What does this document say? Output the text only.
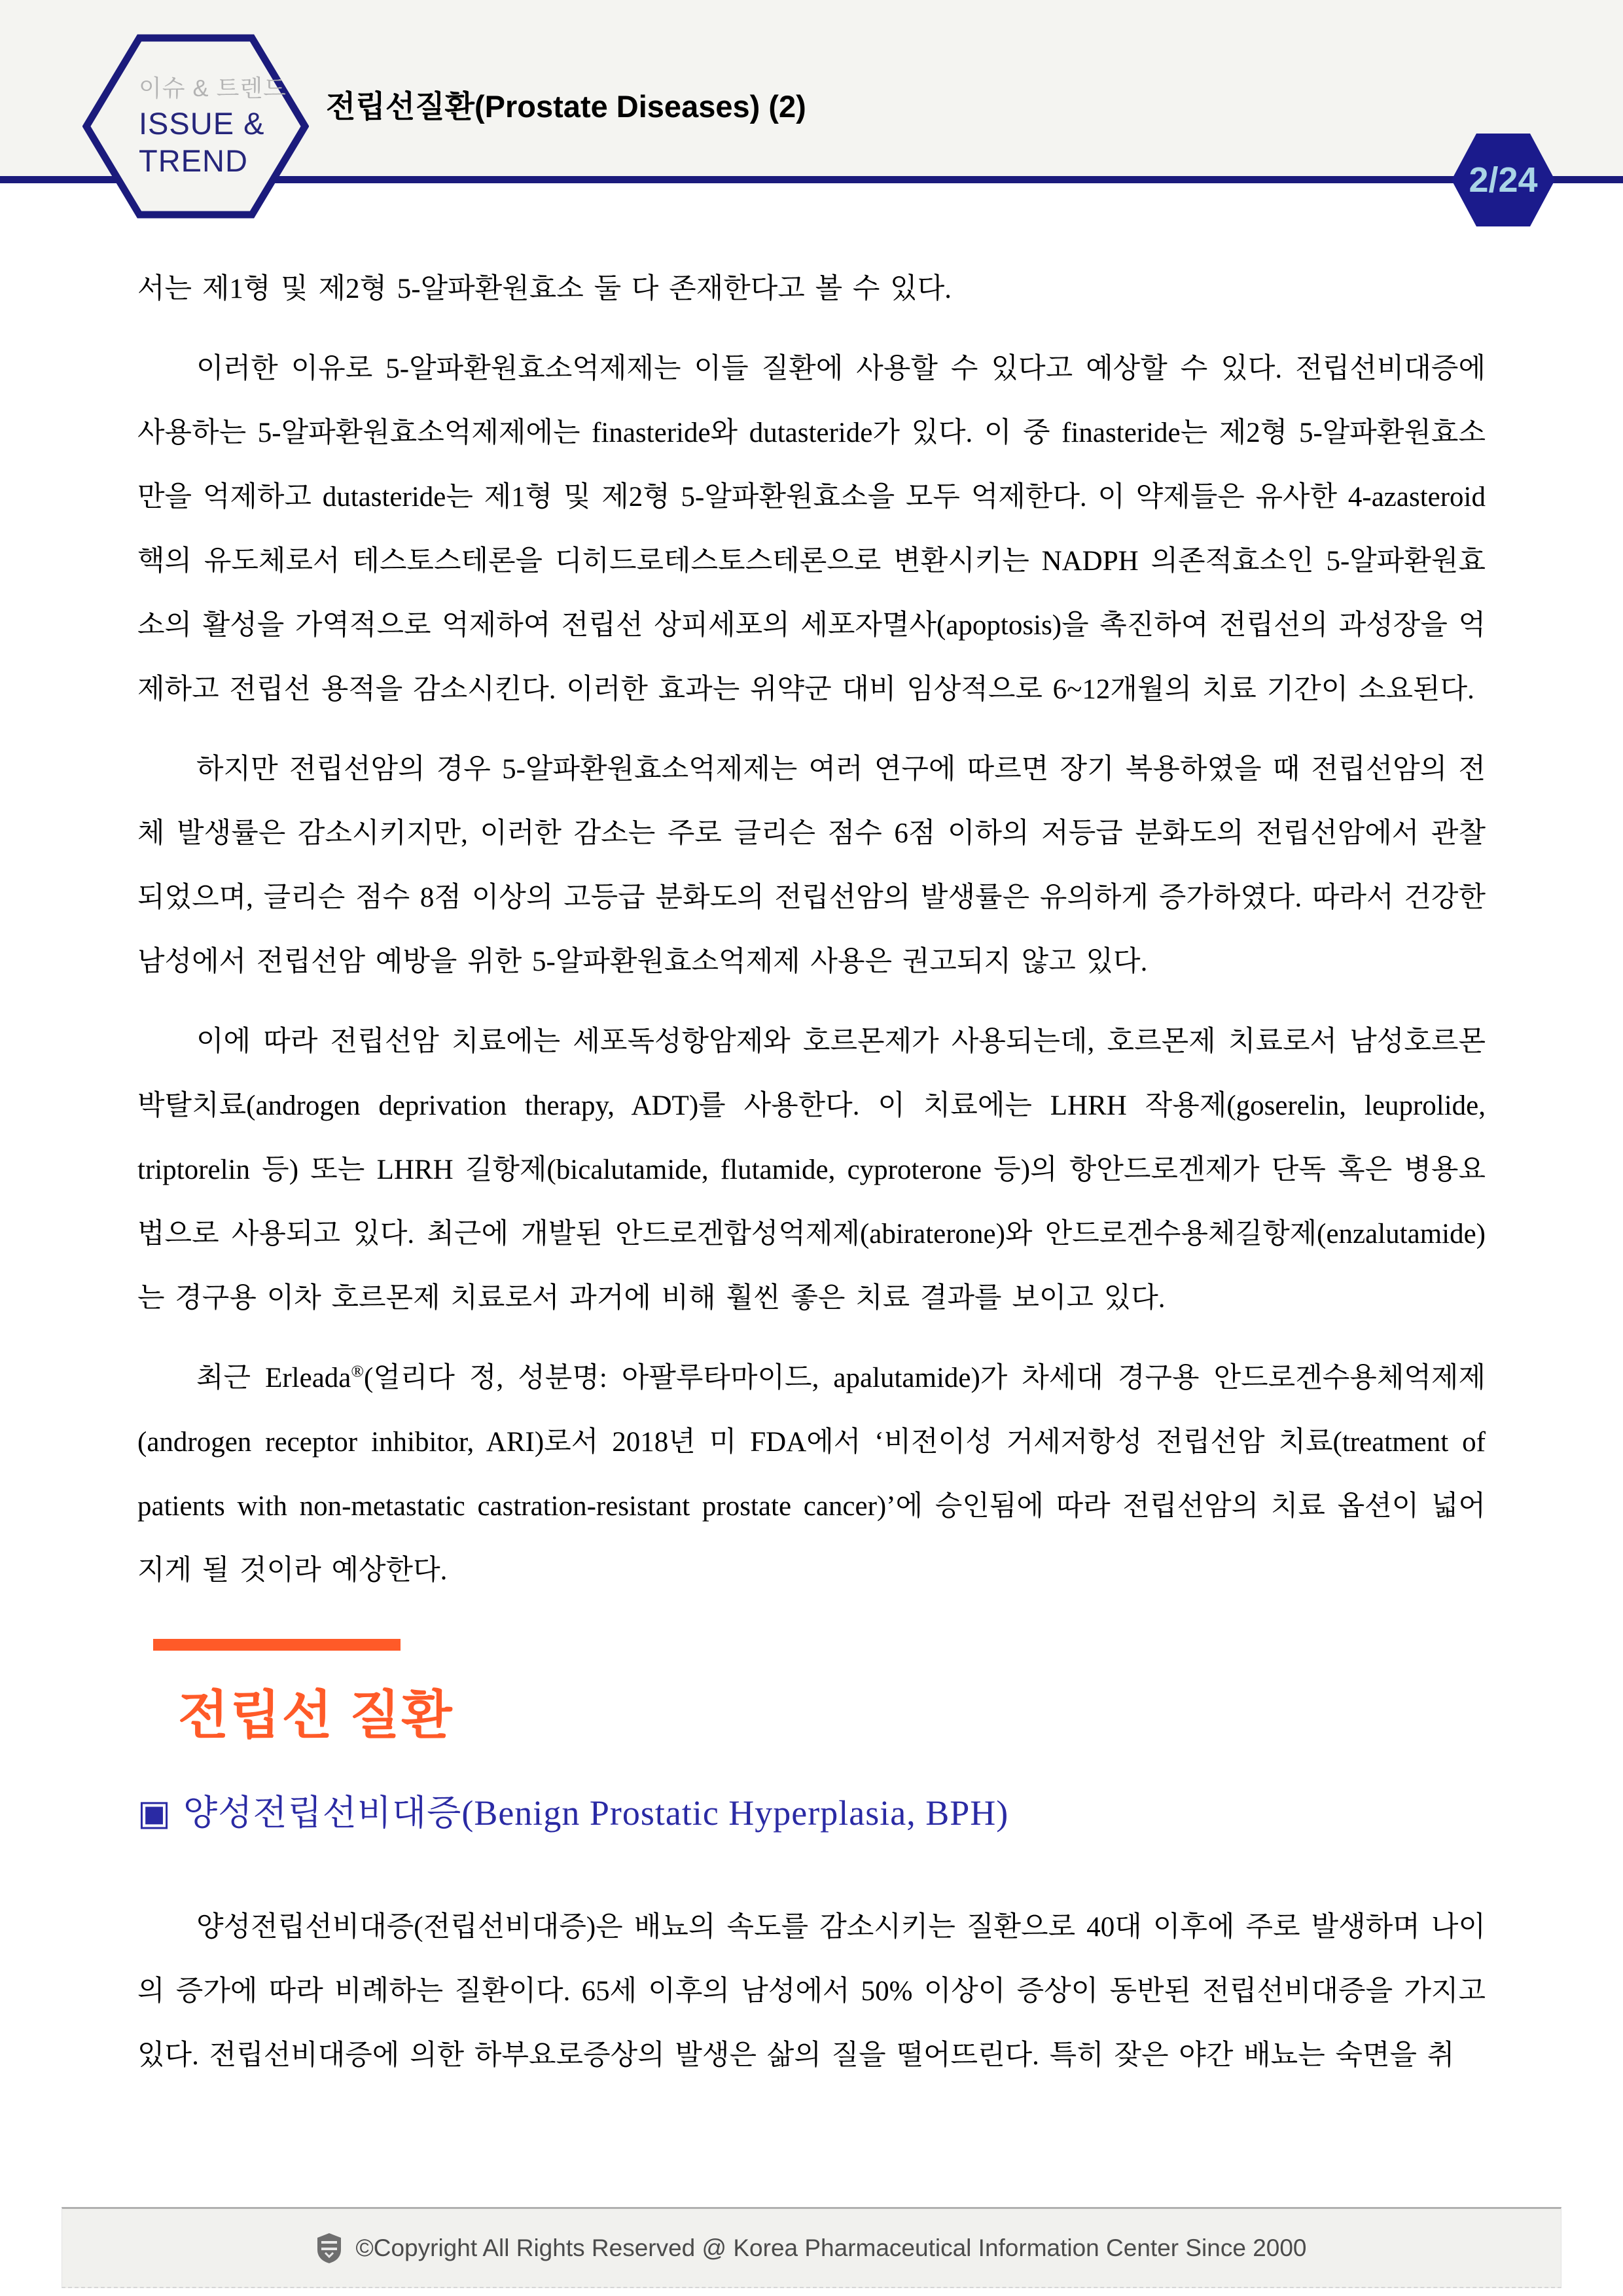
이슈 & 트렌드
ISSUE &
TREND
전립선질환(Prostate Diseases) (2)
2/24

서는 제1형 및 제2형 5-알파환원효소 둘 다 존재한다고 볼 수 있다.

이러한 이유로 5-알파환원효소억제제는 이들 질환에 사용할 수 있다고 예상할 수 있다. 전립선비대증에 사용하는 5-알파환원효소억제제에는 finasteride와 dutasteride가 있다. 이 중 finasteride는 제2형 5-알파환원효소만을 억제하고 dutasteride는 제1형 및 제2형 5-알파환원효소을 모두 억제한다. 이 약제들은 유사한 4-azasteroid 핵의 유도체로서 테스토스테론을 디히드로테스토스테론으로 변환시키는 NADPH 의존적효소인 5-알파환원효소의 활성을 가역적으로 억제하여 전립선 상피세포의 세포자멸사(apoptosis)을 촉진하여 전립선의 과성장을 억제하고 전립선 용적을 감소시킨다. 이러한 효과는 위약군 대비 임상적으로 6~12개월의 치료 기간이 소요된다.

하지만 전립선암의 경우 5-알파환원효소억제제는 여러 연구에 따르면 장기 복용하였을 때 전립선암의 전체 발생률은 감소시키지만, 이러한 감소는 주로 글리슨 점수 6점 이하의 저등급 분화도의 전립선암에서 관찰되었으며, 글리슨 점수 8점 이상의 고등급 분화도의 전립선암의 발생률은 유의하게 증가하였다. 따라서 건강한 남성에서 전립선암 예방을 위한 5-알파환원효소억제제 사용은 권고되지 않고 있다.

이에 따라 전립선암 치료에는 세포독성항암제와 호르몬제가 사용되는데, 호르몬제 치료로서 남성호르몬박탈치료(androgen deprivation therapy, ADT)를 사용한다. 이 치료에는 LHRH 작용제(goserelin, leuprolide, triptorelin 등) 또는 LHRH 길항제(bicalutamide, flutamide, cyproterone 등)의 항안드로겐제가 단독 혹은 병용요법으로 사용되고 있다. 최근에 개발된 안드로겐합성억제제(abiraterone)와 안드로겐수용체길항제(enzalutamide)는 경구용 이차 호르몬제 치료로서 과거에 비해 훨씬 좋은 치료 결과를 보이고 있다.

최근 Erleada®(얼리다 정, 성분명: 아팔루타마이드, apalutamide)가 차세대 경구용 안드로겐수용체억제제(androgen receptor inhibitor, ARI)로서 2018년 미 FDA에서 ‘비전이성 거세저항성 전립선암 치료(treatment of patients with non-metastatic castration-resistant prostate cancer)’에 승인됨에 따라 전립선암의 치료 옵션이 넓어지게 될 것이라 예상한다.

전립선 질환
▣ 양성전립선비대증(Benign Prostatic Hyperplasia, BPH)

양성전립선비대증(전립선비대증)은 배뇨의 속도를 감소시키는 질환으로 40대 이후에 주로 발생하며 나이의 증가에 따라 비례하는 질환이다. 65세 이후의 남성에서 50% 이상이 증상이 동반된 전립선비대증을 가지고 있다. 전립선비대증에 의한 하부요로증상의 발생은 삶의 질을 떨어뜨린다. 특히 잦은 야간 배뇨는 숙면을 취

©Copyright All Rights Reserved @ Korea Pharmaceutical Information Center Since 2000
